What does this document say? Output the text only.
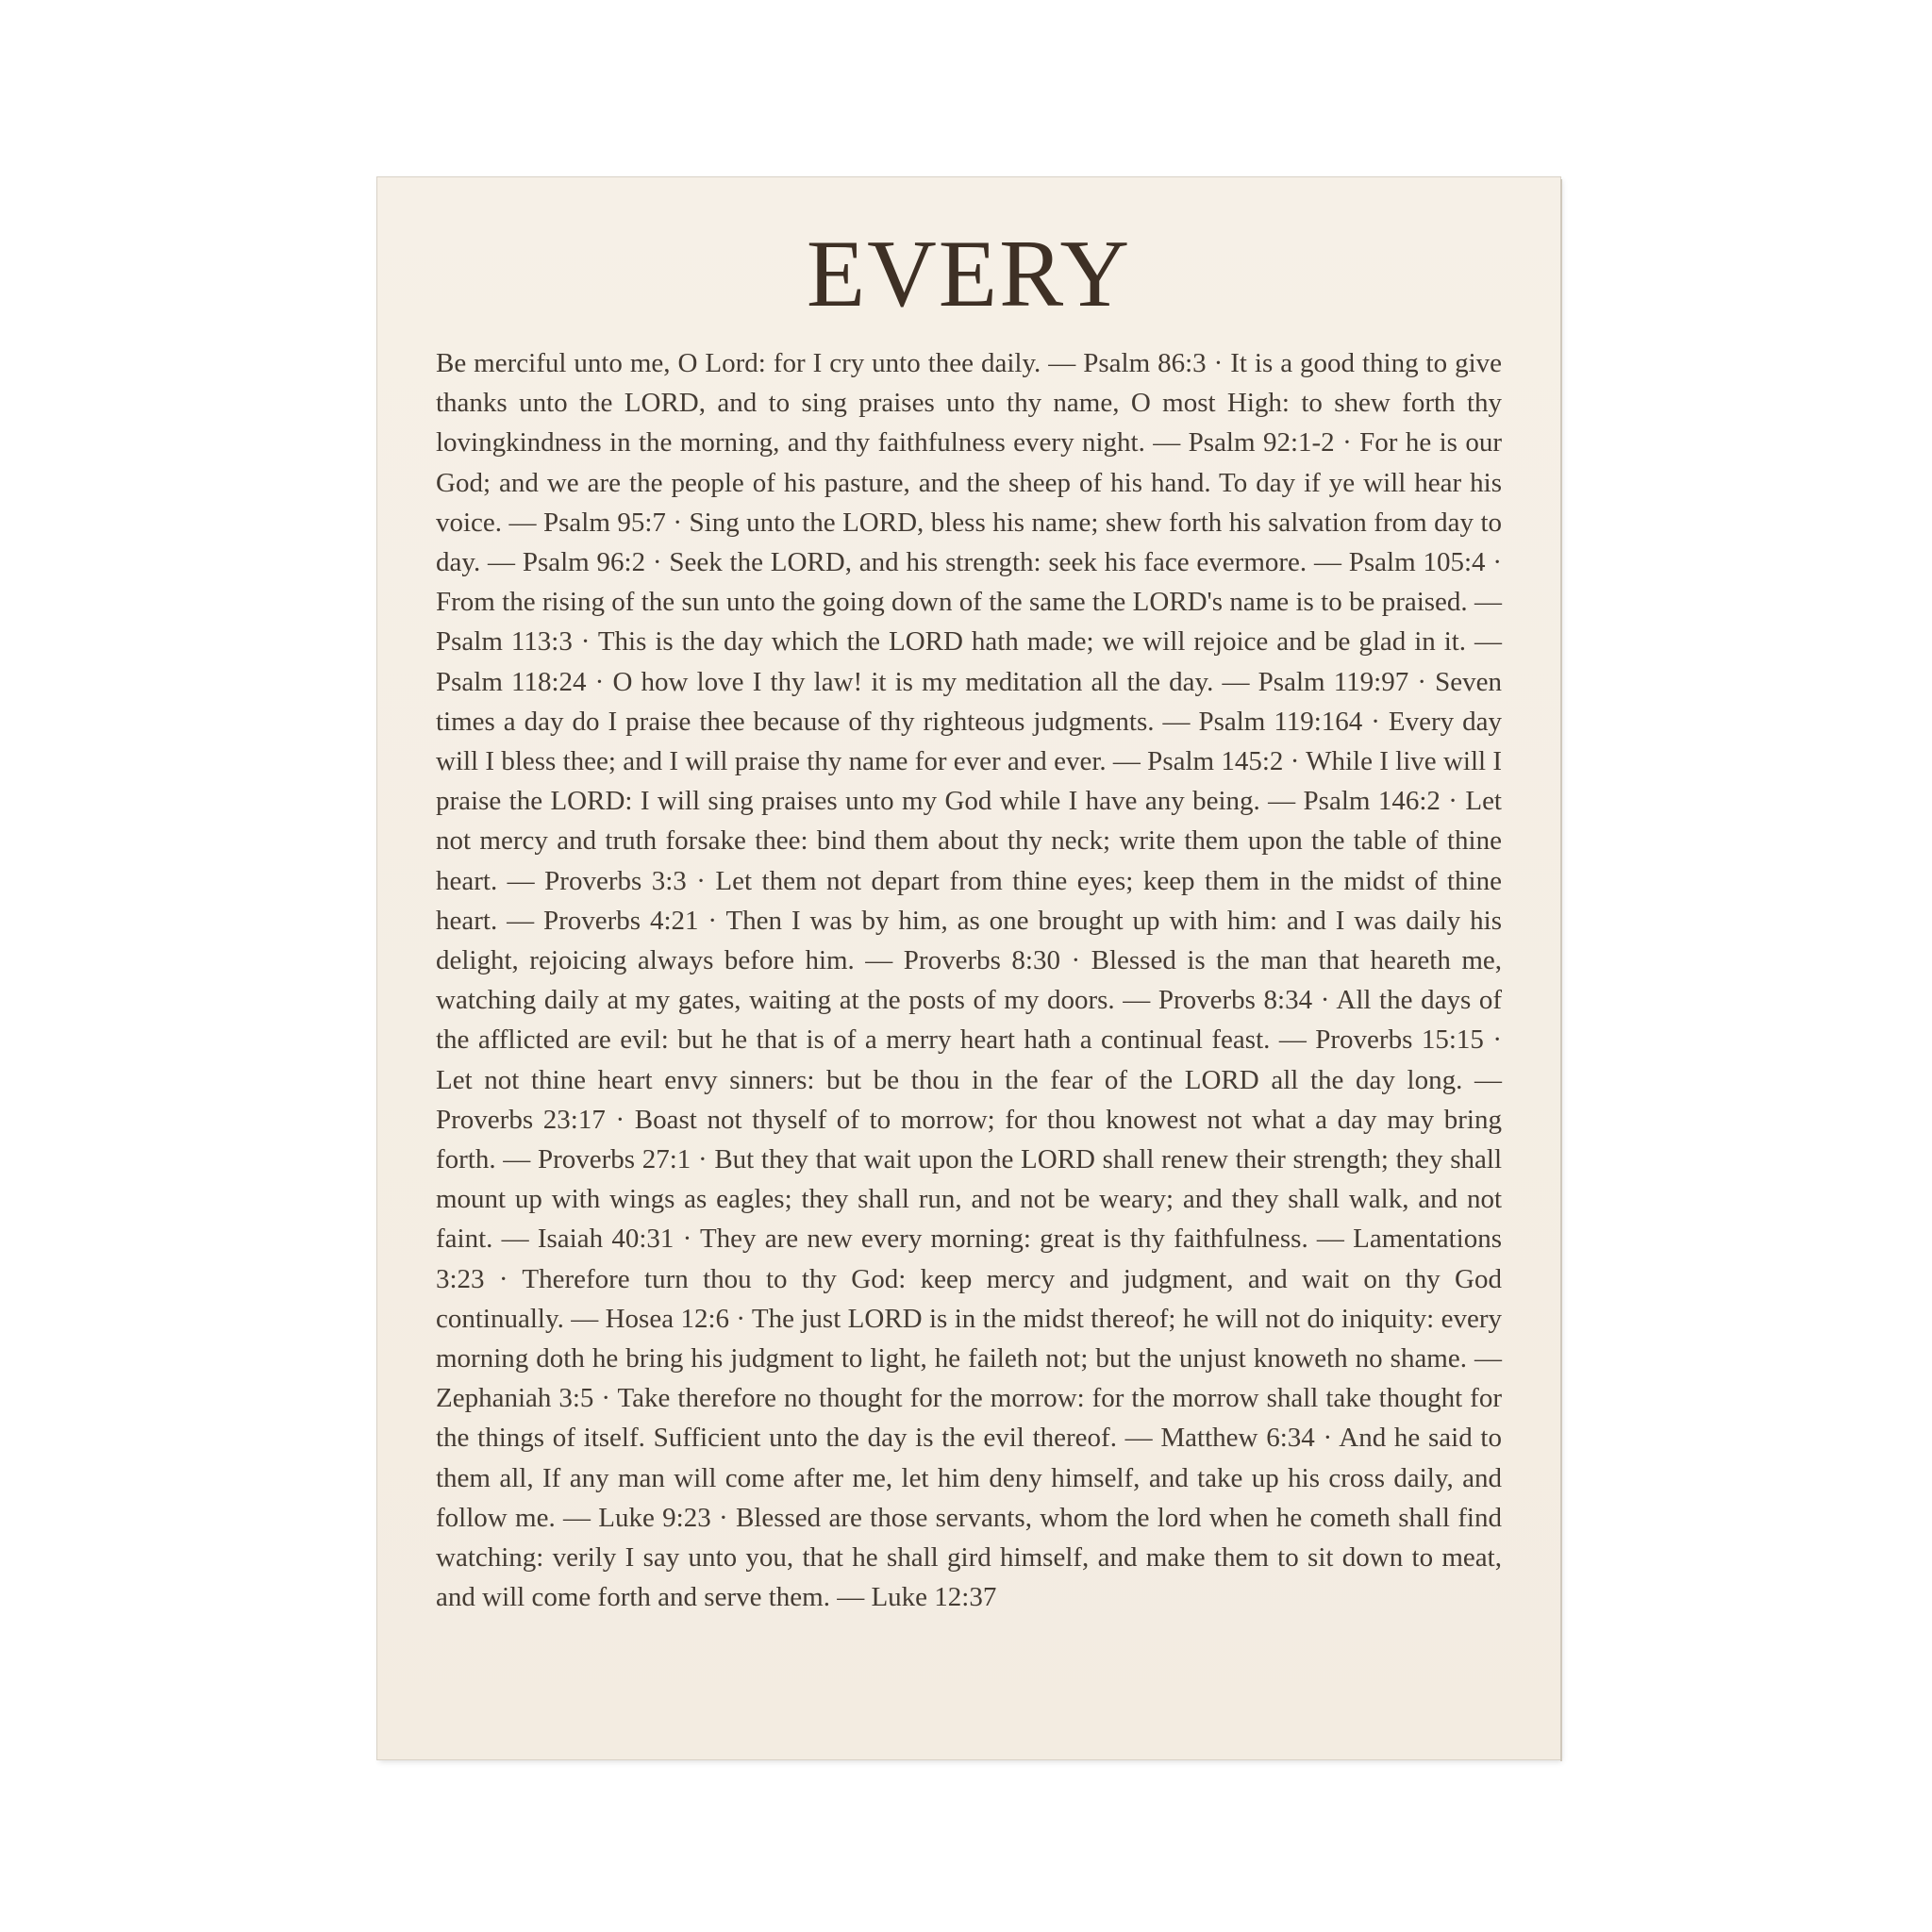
EVERY

Be merciful unto me, O Lord: for I cry unto thee daily. — Psalm 86:3 · It is a good thing to give thanks unto the LORD, and to sing praises unto thy name, O most High: to shew forth thy lovingkindness in the morning, and thy faithfulness every night. — Psalm 92:1-2 · For he is our God; and we are the people of his pasture, and the sheep of his hand. To day if ye will hear his voice. — Psalm 95:7 · Sing unto the LORD, bless his name; shew forth his salvation from day to day. — Psalm 96:2 · Seek the LORD, and his strength: seek his face evermore. — Psalm 105:4 · From the rising of the sun unto the going down of the same the LORD's name is to be praised. — Psalm 113:3 · This is the day which the LORD hath made; we will rejoice and be glad in it. — Psalm 118:24 · O how love I thy law! it is my meditation all the day. — Psalm 119:97 · Seven times a day do I praise thee because of thy righteous judgments. — Psalm 119:164 · Every day will I bless thee; and I will praise thy name for ever and ever. — Psalm 145:2 · While I live will I praise the LORD: I will sing praises unto my God while I have any being. — Psalm 146:2 · Let not mercy and truth forsake thee: bind them about thy neck; write them upon the table of thine heart. — Proverbs 3:3 · Let them not depart from thine eyes; keep them in the midst of thine heart. — Proverbs 4:21 · Then I was by him, as one brought up with him: and I was daily his delight, rejoicing always before him. — Proverbs 8:30 · Blessed is the man that heareth me, watching daily at my gates, waiting at the posts of my doors. — Proverbs 8:34 · All the days of the afflicted are evil: but he that is of a merry heart hath a continual feast. — Proverbs 15:15 · Let not thine heart envy sinners: but be thou in the fear of the LORD all the day long. — Proverbs 23:17 · Boast not thyself of to morrow; for thou knowest not what a day may bring forth. — Proverbs 27:1 · But they that wait upon the LORD shall renew their strength; they shall mount up with wings as eagles; they shall run, and not be weary; and they shall walk, and not faint. — Isaiah 40:31 · They are new every morning: great is thy faithfulness. — Lamentations 3:23 · Therefore turn thou to thy God: keep mercy and judgment, and wait on thy God continually. — Hosea 12:6 · The just LORD is in the midst thereof; he will not do iniquity: every morning doth he bring his judgment to light, he faileth not; but the unjust knoweth no shame. — Zephaniah 3:5 · Take therefore no thought for the morrow: for the morrow shall take thought for the things of itself. Sufficient unto the day is the evil thereof. — Matthew 6:34 · And he said to them all, If any man will come after me, let him deny himself, and take up his cross daily, and follow me. — Luke 9:23 · Blessed are those servants, whom the lord when he cometh shall find watching: verily I say unto you, that he shall gird himself, and make them to sit down to meat, and will come forth and serve them. — Luke 12:37
